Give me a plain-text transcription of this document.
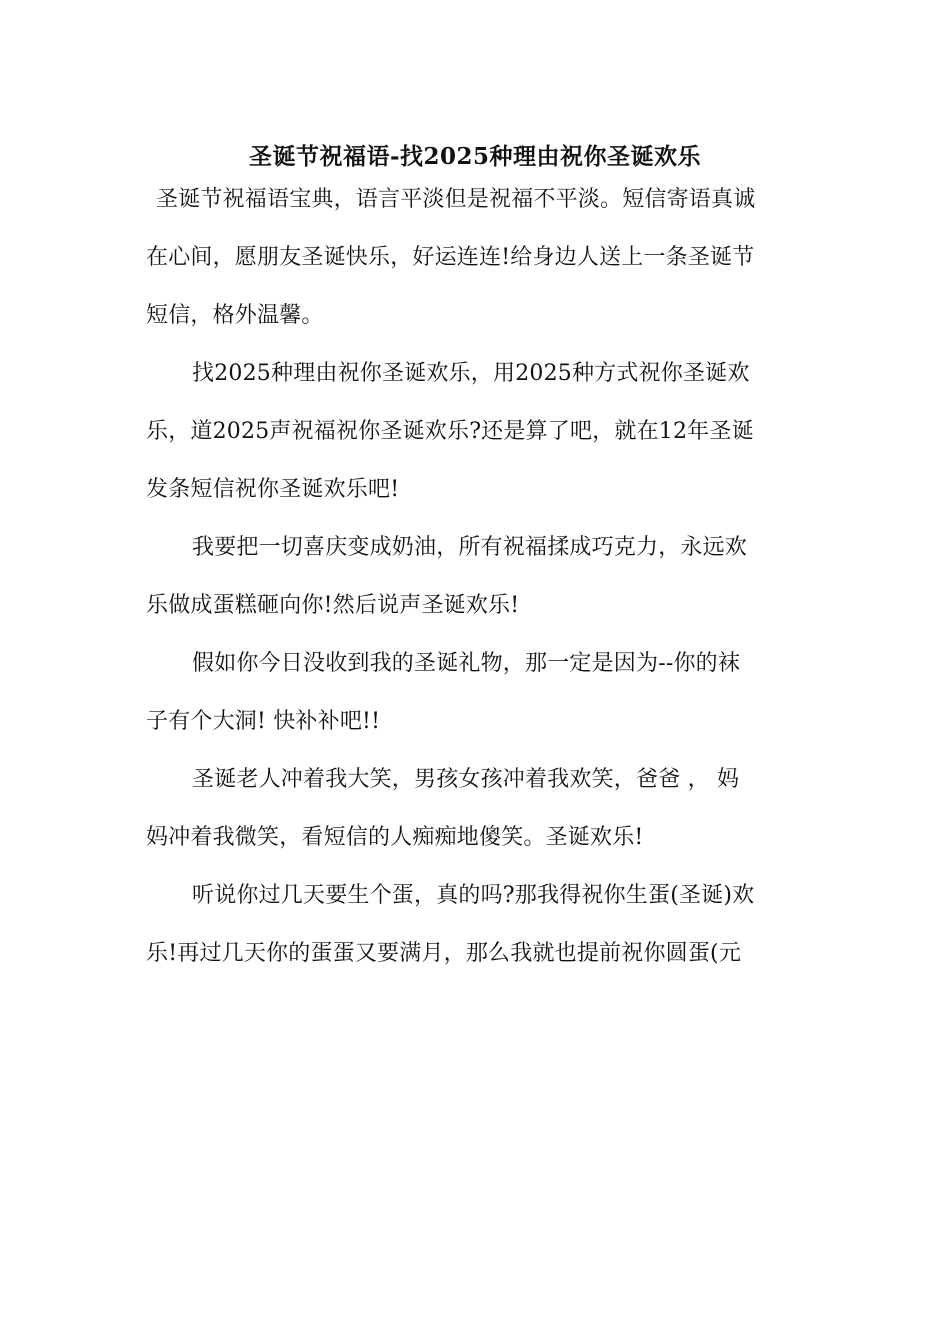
圣诞节祝福语-找2025种理由祝你圣诞欢乐
圣诞节祝福语宝典，语言平淡但是祝福不平淡。短信寄语真诚
在心间，愿朋友圣诞快乐，好运连连!给身边人送上一条圣诞节
短信，格外温馨。
找2025种理由祝你圣诞欢乐，用2025种方式祝你圣诞欢
乐，道2025声祝福祝你圣诞欢乐?还是算了吧，就在12年圣诞
发条短信祝你圣诞欢乐吧!
我要把一切喜庆变成奶油，所有祝福揉成巧克力，永远欢
乐做成蛋糕砸向你!然后说声圣诞欢乐!
假如你今日没收到我的圣诞礼物，那一定是因为--你的袜
子有个大洞! 快补补吧!!
圣诞老人冲着我大笑，男孩女孩冲着我欢笑，爸爸 ， 妈
妈冲着我微笑，看短信的人痴痴地傻笑。圣诞欢乐!
听说你过几天要生个蛋，真的吗?那我得祝你生蛋(圣诞)欢
乐!再过几天你的蛋蛋又要满月，那么我就也提前祝你圆蛋(元
